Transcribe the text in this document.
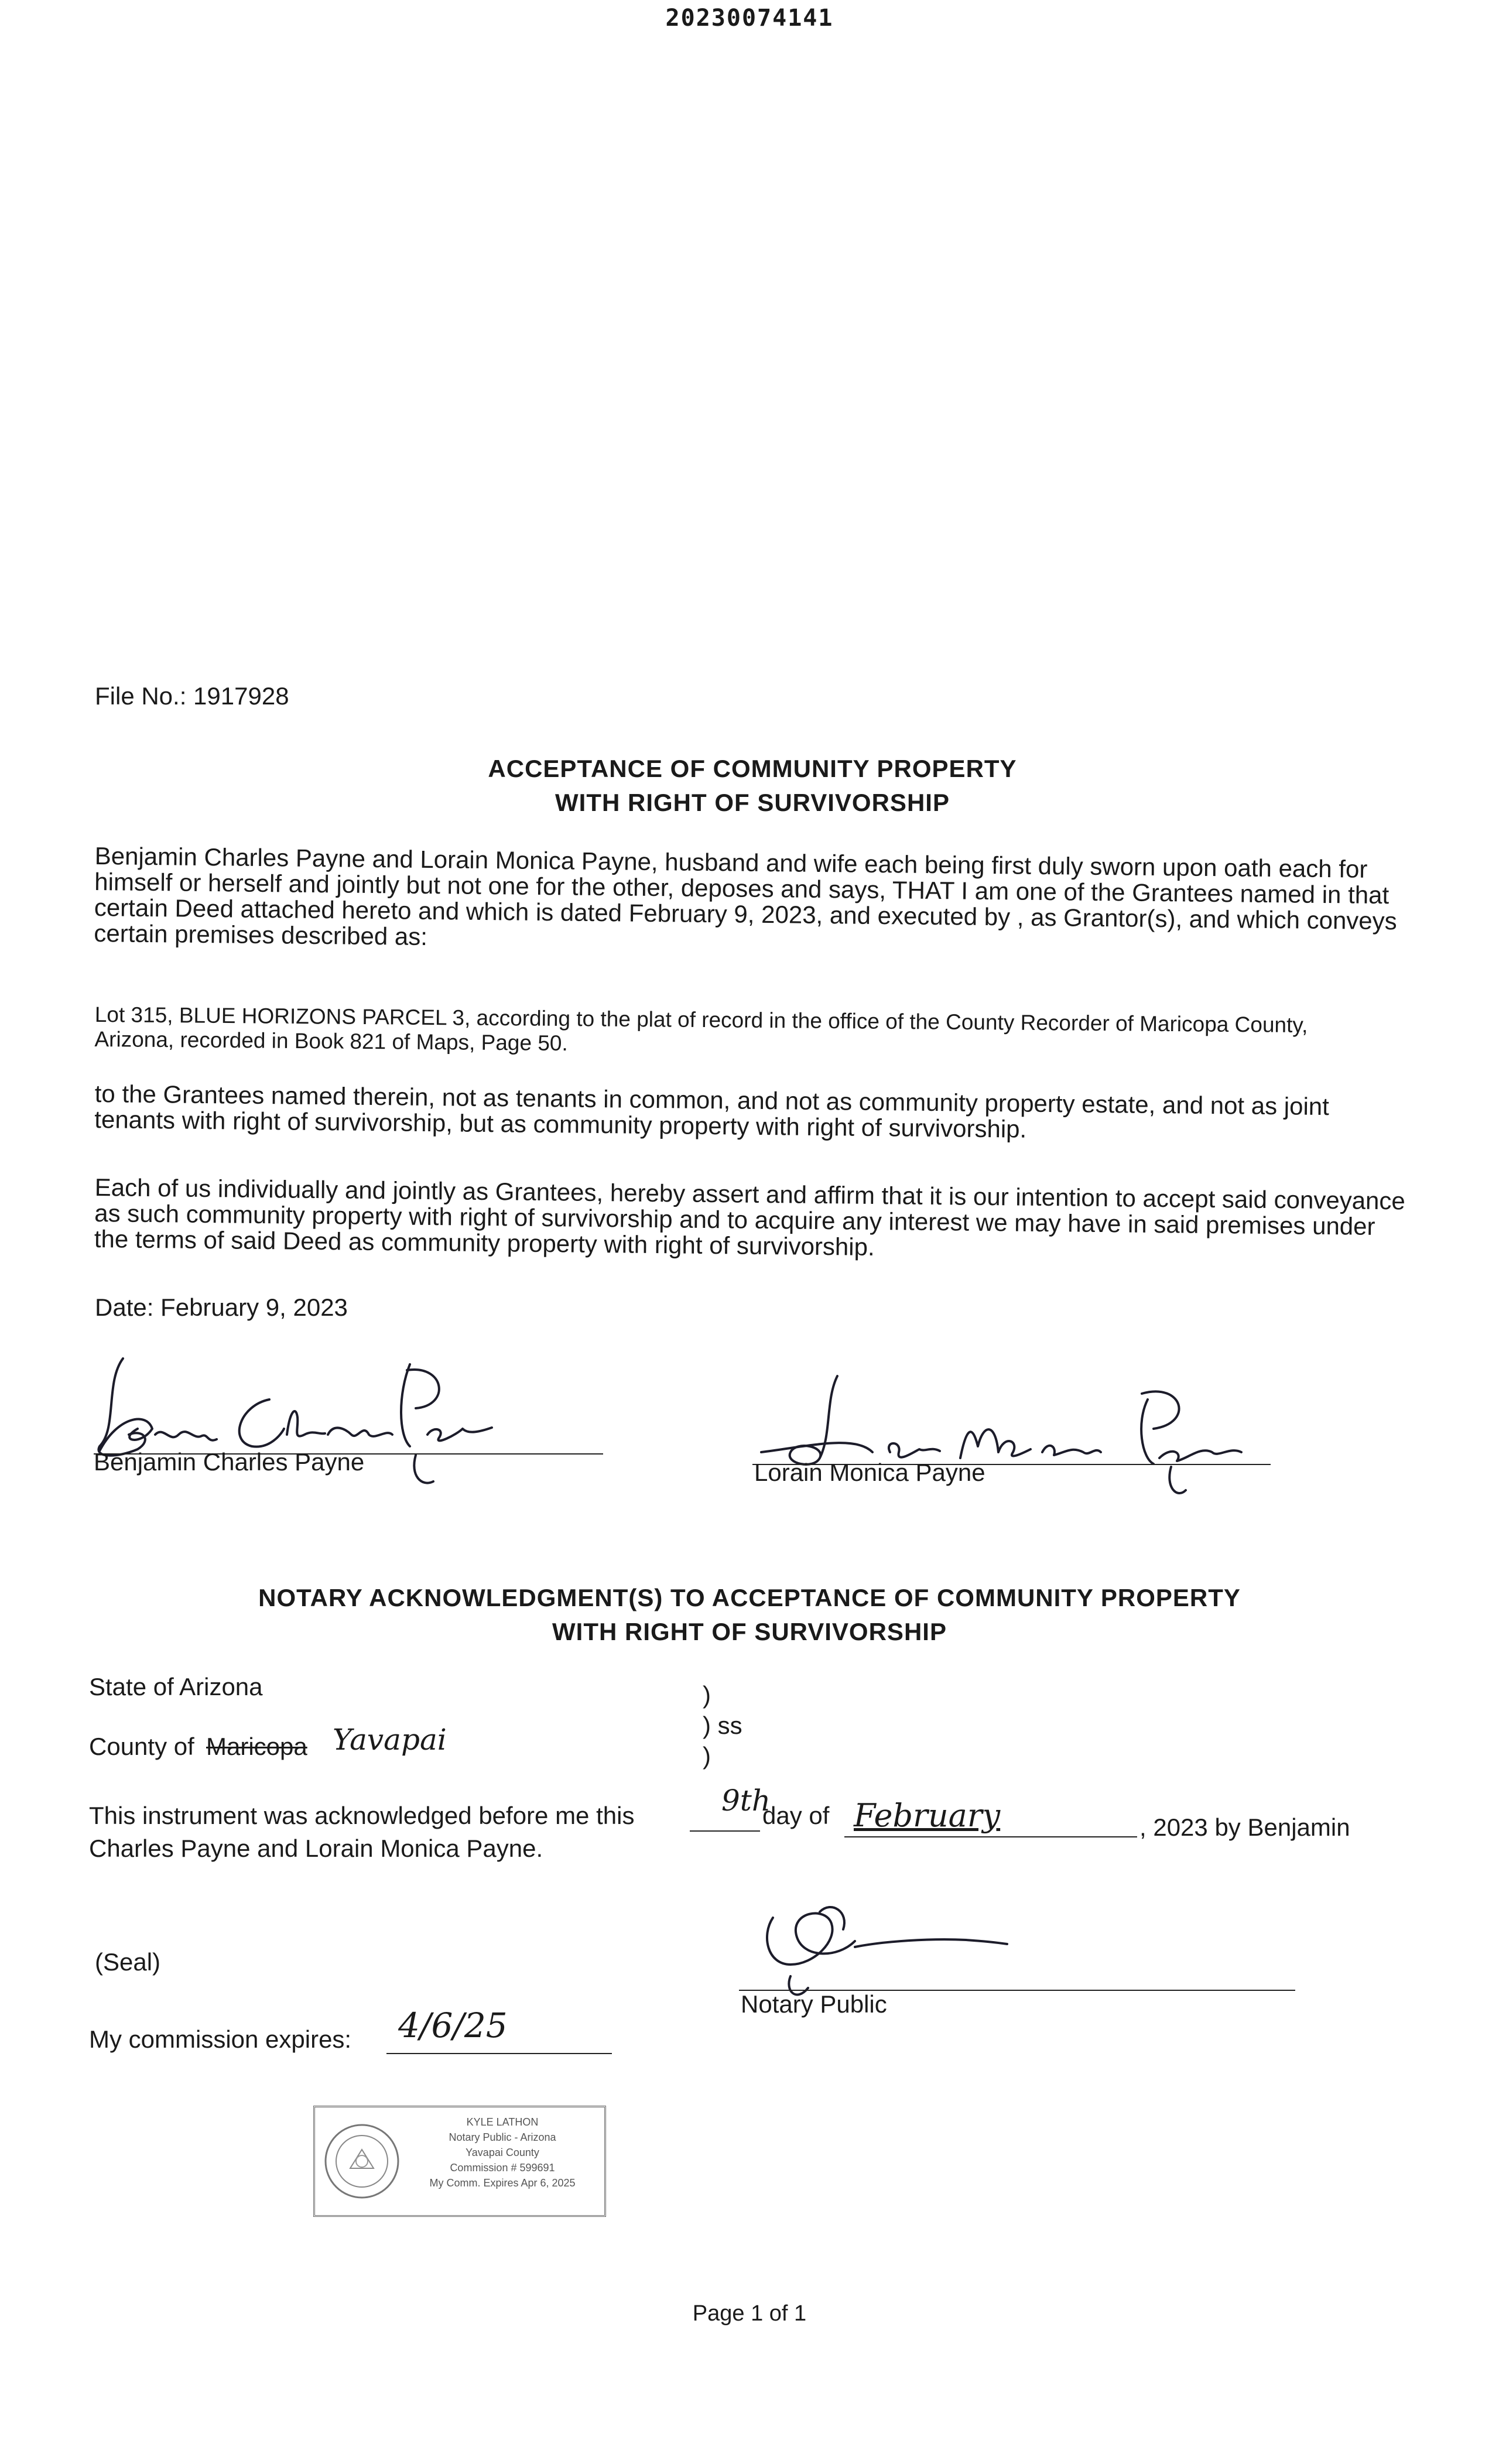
20230074141
File No.: 1917928
ACCEPTANCE OF COMMUNITY PROPERTY
WITH RIGHT OF SURVIVORSHIP
Benjamin Charles Payne and Lorain Monica Payne, husband and wife each being first duly sworn upon oath each for himself or herself and jointly but not one for the other, deposes and says, THAT I am one of the Grantees named in that certain Deed attached hereto and which is dated February 9, 2023, and executed by , as Grantor(s), and which conveys certain premises described as:
Lot 315, BLUE HORIZONS PARCEL 3, according to the plat of record in the office of the County Recorder of Maricopa County, Arizona, recorded in Book 821 of Maps, Page 50.
to the Grantees named therein, not as tenants in common, and not as community property estate, and not as joint tenants with right of survivorship, but as community property with right of survivorship.
Each of us individually and jointly as Grantees, hereby assert and affirm that it is our intention to accept said conveyance as such community property with right of survivorship and to acquire any interest we may have in said premises under the terms of said Deed as community property with right of survivorship.
Date: February 9, 2023
Benjamin Charles Payne	Lorain Monica Payne
NOTARY ACKNOWLEDGMENT(S) TO ACCEPTANCE OF COMMUNITY PROPERTY
WITH RIGHT OF SURVIVORSHIP
State of Arizona	)
) ss
)
County of Maricopa Yavapai
This instrument was acknowledged before me this	9th
day of February	, 2023 by Benjamin
Charles Payne and Lorain Monica Payne.
(Seal)
Notary Public
My commission expires: 4/6/25
KYLE LATHON
Notary Public - Arizona
Yavapai County
Commission # 599691
My Comm. Expires Apr 6, 2025
Page 1 of 1
